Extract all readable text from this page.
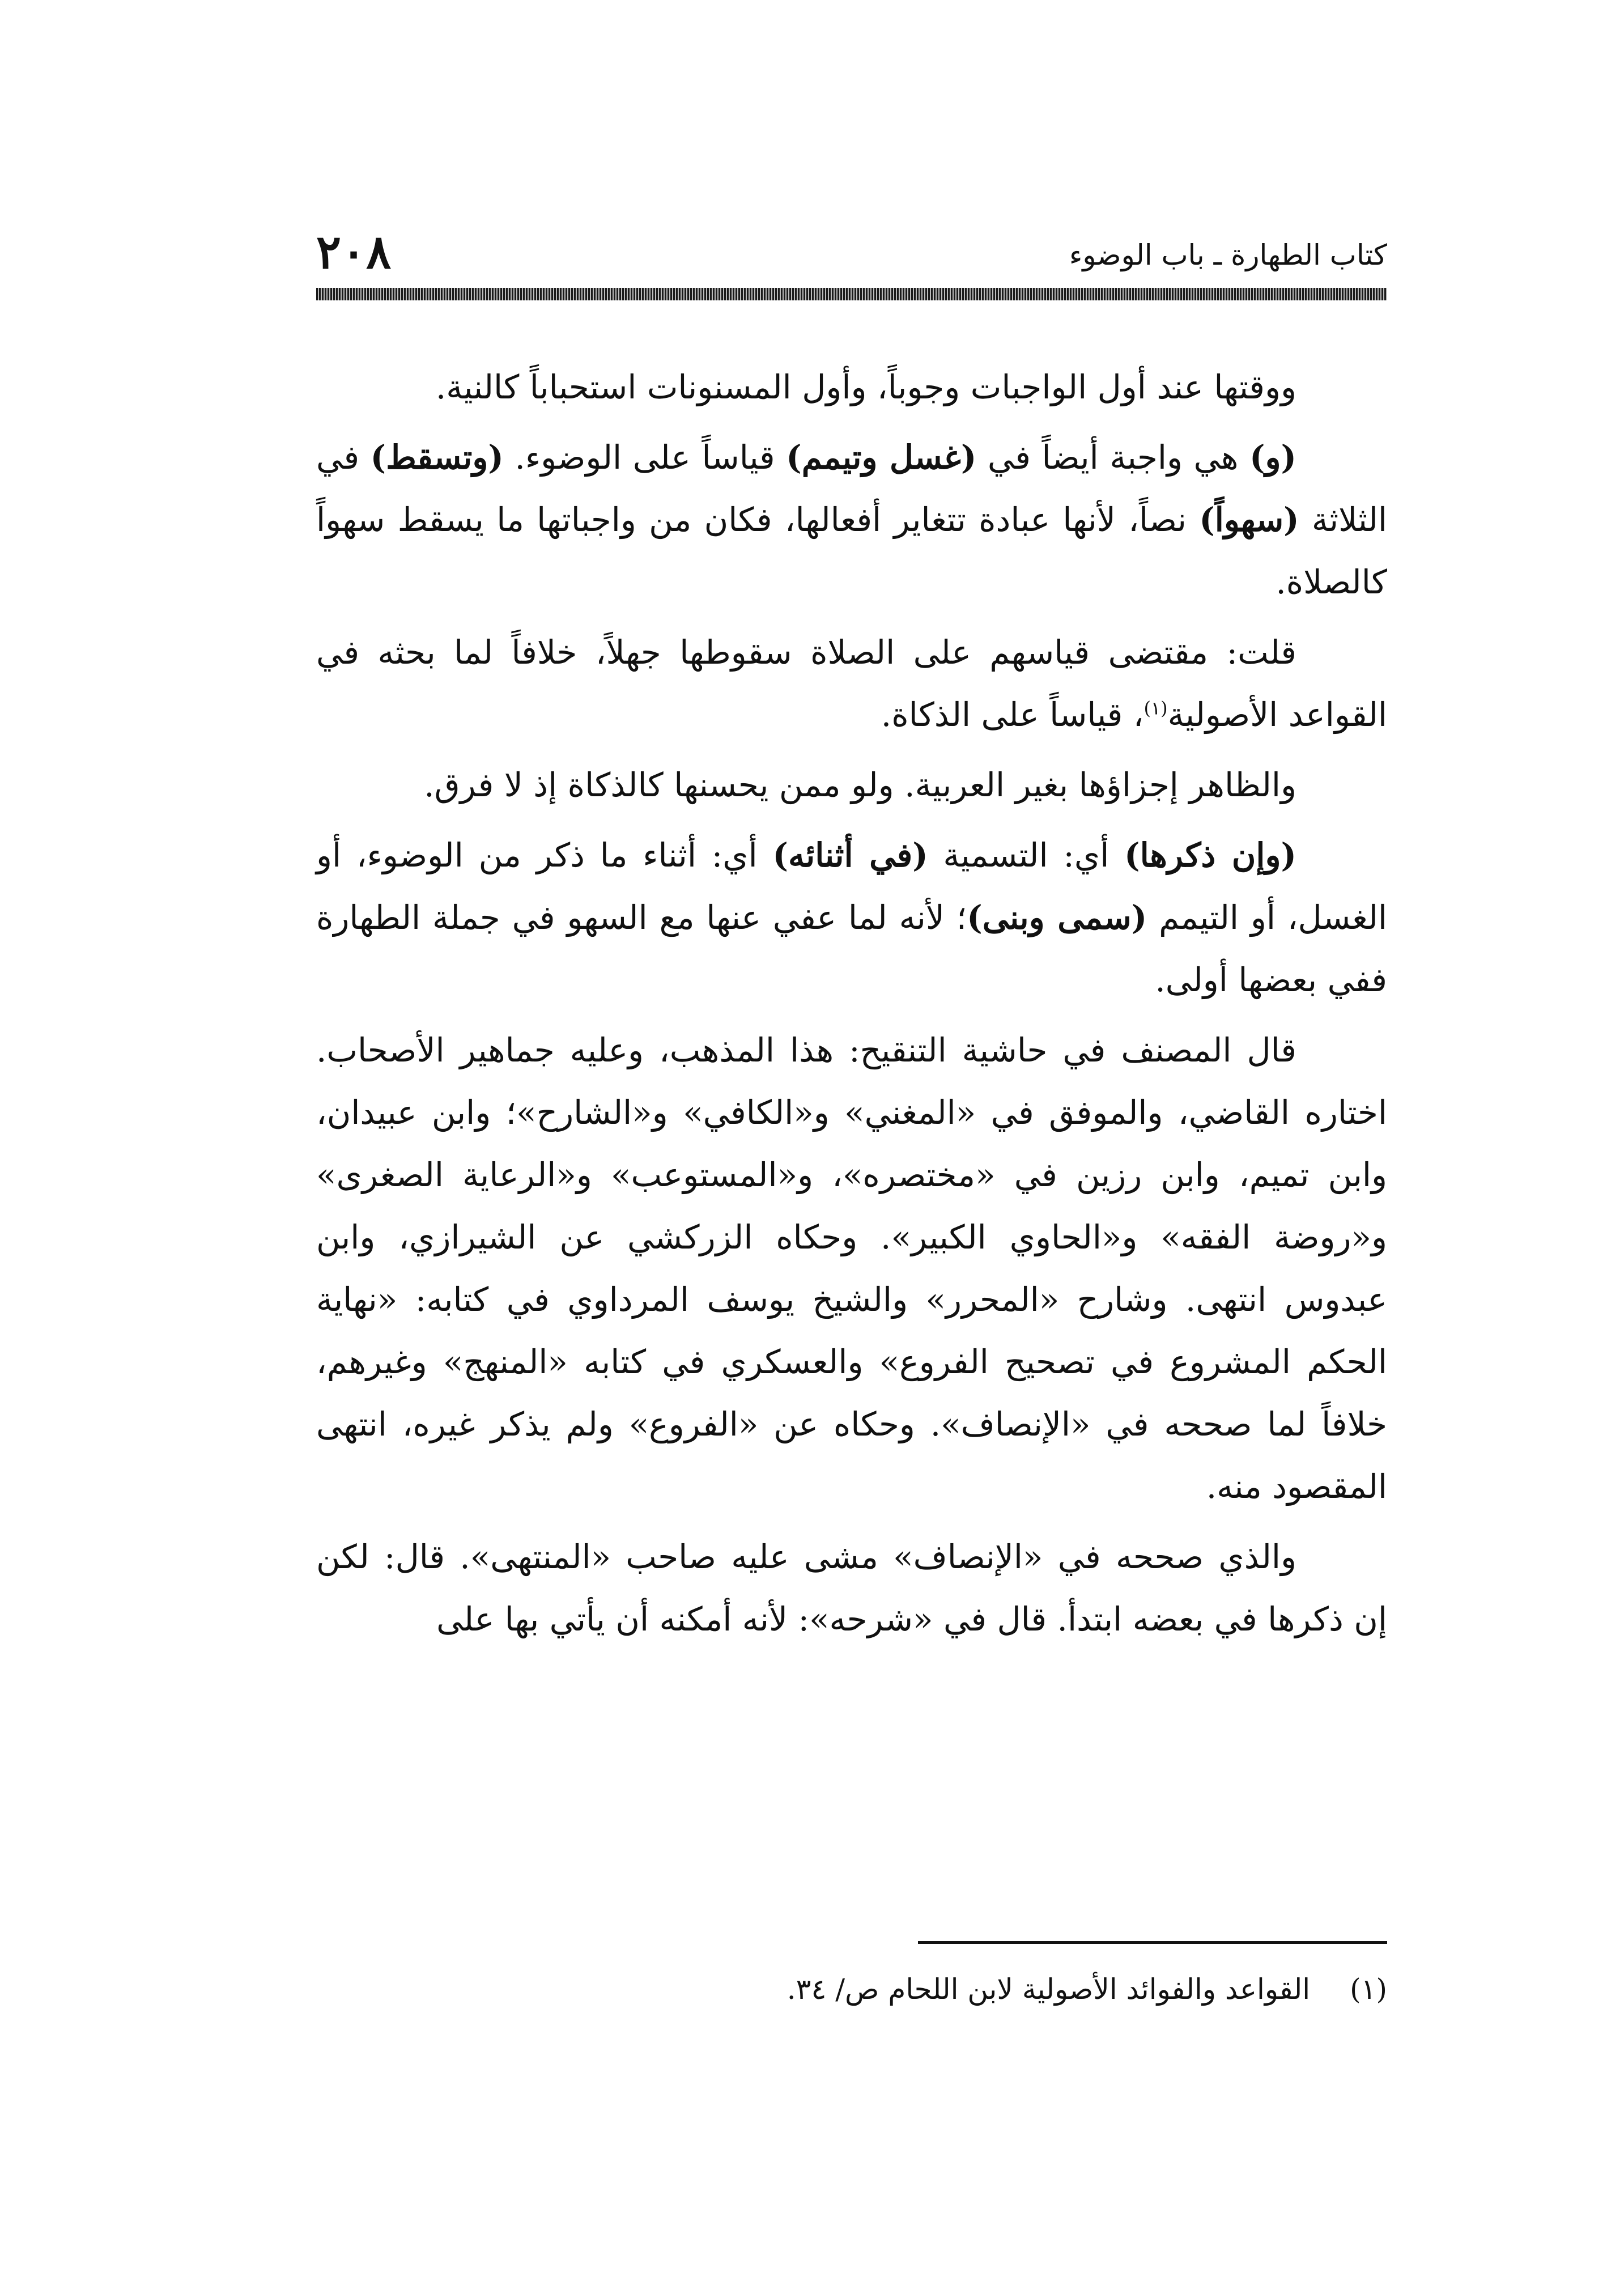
كتاب الطهارة ـ باب الوضوء
٢٠٨

ووقتها عند أول الواجبات وجوباً، وأول المسنونات استحباباً كالنية.

(و) هي واجبة أيضاً في (غسل وتيمم) قياساً على الوضوء. (وتسقط) في الثلاثة (سهواً) نصاً، لأنها عبادة تتغاير أفعالها، فكان من واجباتها ما يسقط سهواً كالصلاة.

قلت: مقتضى قياسهم على الصلاة سقوطها جهلاً، خلافاً لما بحثه في القواعد الأصولية$^{(١)}$، قياساً على الذكاة.

والظاهر إجزاؤها بغير العربية. ولو ممن يحسنها كالذكاة إذ لا فرق.

(وإن ذكرها) أي: التسمية (في أثنائه) أي: أثناء ما ذكر من الوضوء، أو الغسل، أو التيمم (سمى وبنى)؛ لأنه لما عفي عنها مع السهو في جملة الطهارة ففي بعضها أولى.

قال المصنف في حاشية التنقيح: هذا المذهب، وعليه جماهير الأصحاب. اختاره القاضي، والموفق في «المغني» و«الكافي» و«الشارح»؛ وابن عبيدان، وابن تميم، وابن رزين في «مختصره»، و«المستوعب» و«الرعاية الصغرى» و«روضة الفقه» و«الحاوي الكبير». وحكاه الزركشي عن الشيرازي، وابن عبدوس انتهى. وشارح «المحرر» والشيخ يوسف المرداوي في كتابه: «نهاية الحكم المشروع في تصحيح الفروع» والعسكري في كتابه «المنهج» وغيرهم، خلافاً لما صححه في «الإنصاف». وحكاه عن «الفروع» ولم يذكر غيره، انتهى المقصود منه.

والذي صححه في «الإنصاف» مشى عليه صاحب «المنتهى». قال: لكن إن ذكرها في بعضه ابتدأ. قال في «شرحه»: لأنه أمكنه أن يأتي بها على

(١)القواعد والفوائد الأصولية لابن اللحام ص/ ٣٤.
